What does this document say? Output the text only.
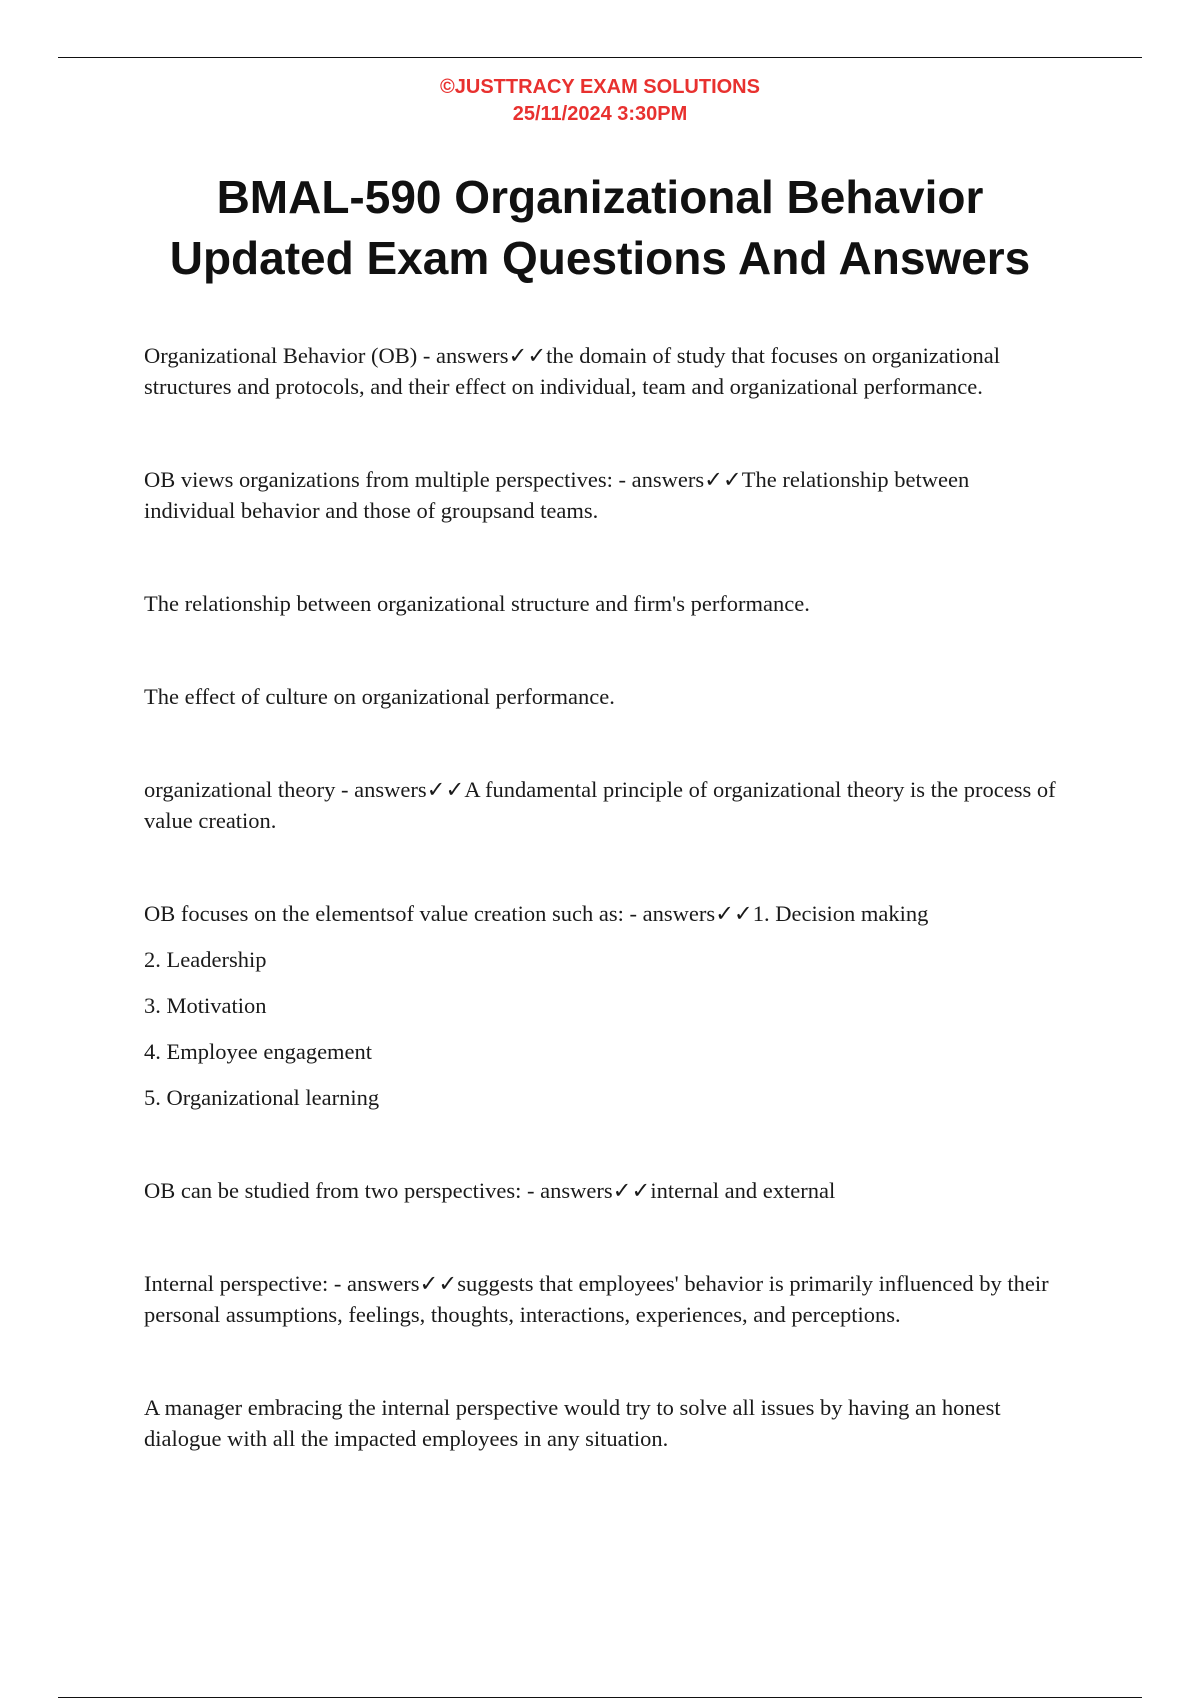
©JUSTTRACY EXAM SOLUTIONS
25/11/2024 3:30PM
BMAL-590 Organizational Behavior
Updated Exam Questions And Answers

Organizational Behavior (OB) - answers✓✓the domain of study that focuses on organizational structures and protocols, and their effect on individual, team and organizational performance.

OB views organizations from multiple perspectives: - answers✓✓The relationship between individual behavior and those of groupsand teams.

The relationship between organizational structure and firm's performance.

The effect of culture on organizational performance.

organizational theory - answers✓✓A fundamental principle of organizational theory is the process of value creation.

OB focuses on the elementsof value creation such as: - answers✓✓1. Decision making

2. Leadership

3. Motivation

4. Employee engagement

5. Organizational learning

OB can be studied from two perspectives: - answers✓✓internal and external

Internal perspective: - answers✓✓suggests that employees' behavior is primarily influenced by their personal assumptions, feelings, thoughts, interactions, experiences, and perceptions.

A manager embracing the internal perspective would try to solve all issues by having an honest dialogue with all the impacted employees in any situation.
